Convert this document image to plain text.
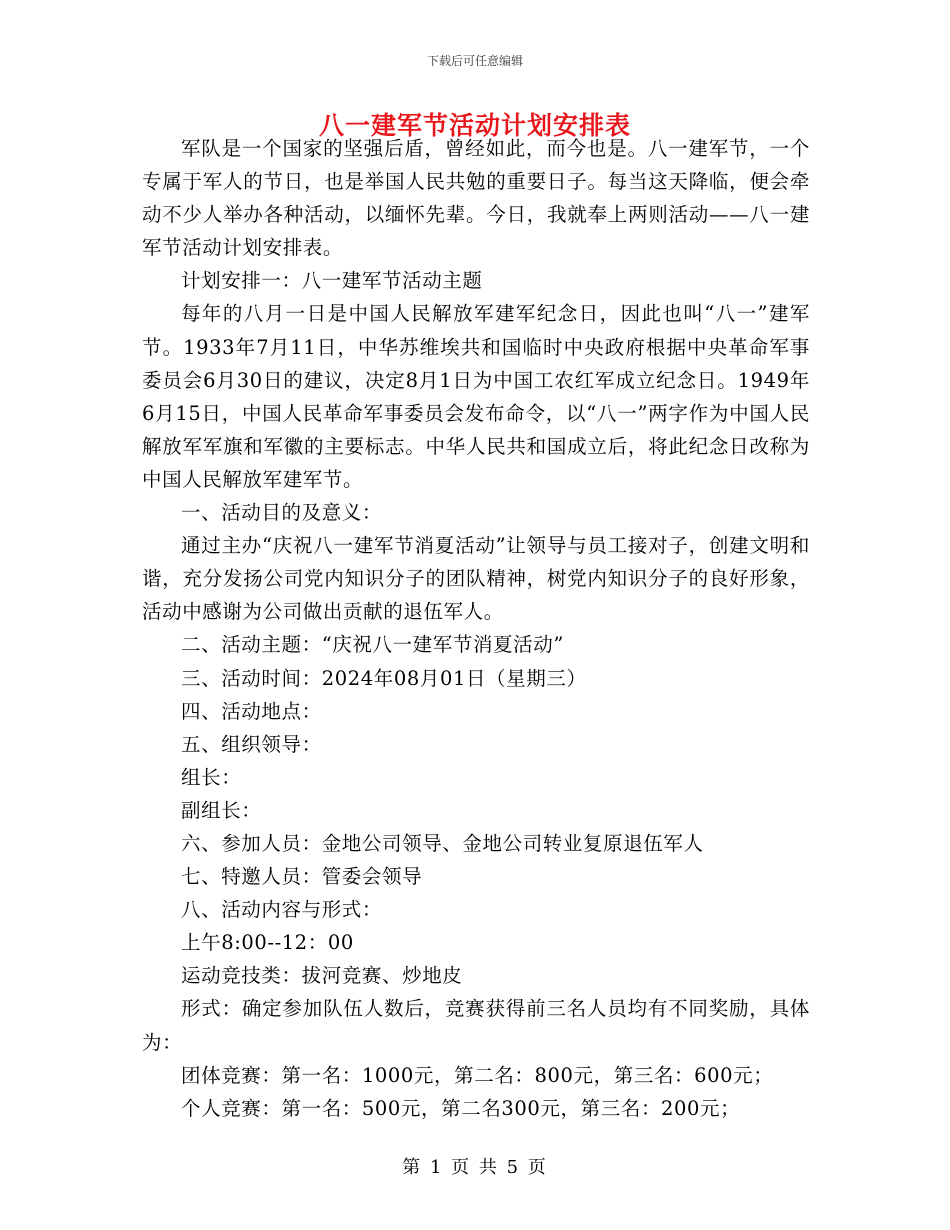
下载后可任意编辑
八一建军节活动计划安排表

军队是一个国家的坚强后盾，曾经如此，而今也是。八一建军节，一个专属于军人的节日，也是举国人民共勉的重要日子。每当这天降临，便会牵动不少人举办各种活动，以缅怀先辈。今日，我就奉上两则活动——八一建军节活动计划安排表。

计划安排一：八一建军节活动主题

每年的八月一日是中国人民解放军建军纪念日，因此也叫“八一”建军节。1933年7月11日，中华苏维埃共和国临时中央政府根据中央革命军事委员会6月30日的建议，决定8月1日为中国工农红军成立纪念日。1949年6月15日，中国人民革命军事委员会发布命令，以“八一”两字作为中国人民解放军军旗和军徽的主要标志。中华人民共和国成立后，将此纪念日改称为中国人民解放军建军节。

一、活动目的及意义：

通过主办“庆祝八一建军节消夏活动”让领导与员工接对子，创建文明和谐，充分发扬公司党内知识分子的团队精神，树党内知识分子的良好形象，活动中感谢为公司做出贡献的退伍军人。

二、活动主题：“庆祝八一建军节消夏活动”

三、活动时间：2024年08月01日（星期三）

四、活动地点：

五、组织领导：

组长：

副组长：

六、参加人员：金地公司领导、金地公司转业复原退伍军人

七、特邀人员：管委会领导

八、活动内容与形式：

上午8:00--12：00

运动竞技类：拔河竞赛、炒地皮

形式：确定参加队伍人数后，竞赛获得前三名人员均有不同奖励，具体为：

团体竞赛：第一名：1000元，第二名：800元，第三名：600元；

个人竞赛：第一名：500元，第二名300元，第三名：200元；

第 1 页 共 5 页
